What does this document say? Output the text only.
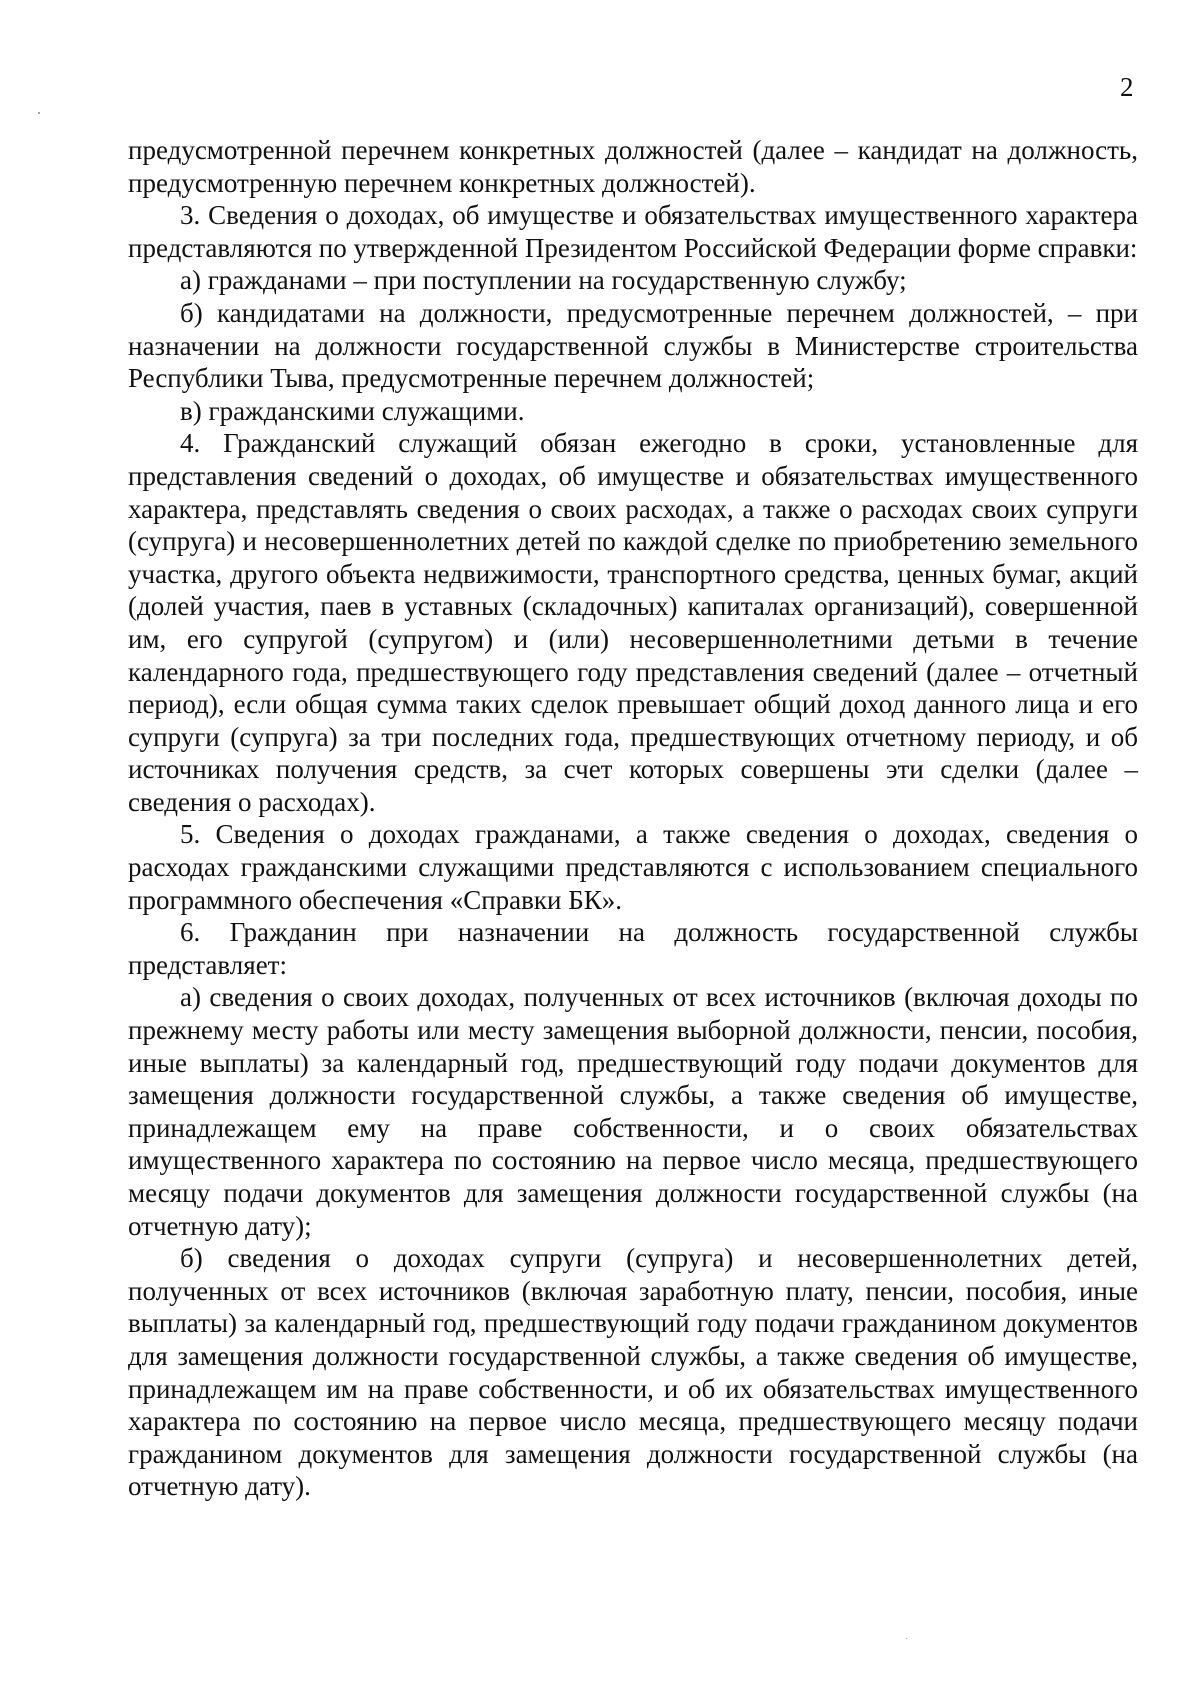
2

предусмотренной перечнем конкретных должностей (далее – кандидат на должность, предусмотренную перечнем конкретных должностей).

3. Сведения о доходах, об имуществе и обязательствах имущественного характера представляются по утвержденной Президентом Российской Федерации форме справки:

а) гражданами – при поступлении на государственную службу;

б) кандидатами на должности, предусмотренные перечнем должностей, – при назначении на должности государственной службы в Министерстве строительства Республики Тыва, предусмотренные перечнем должностей;

в) гражданскими служащими.

4. Гражданский служащий обязан ежегодно в сроки, установленные для представления сведений о доходах, об имуществе и обязательствах имущественного характера, представлять сведения о своих расходах, а также о расходах своих супруги (супруга) и несовершеннолетних детей по каждой сделке по приобретению земельного участка, другого объекта недвижимости, транспортного средства, ценных бумаг, акций (долей участия, паев в уставных (складочных) капиталах организаций), совершенной им, его супругой (супругом) и (или) несовершеннолетними детьми в течение календарного года, предшествующего году представления сведений (далее – отчетный период), если общая сумма таких сделок превышает общий доход данного лица и его супруги (супруга) за три последних года, предшествующих отчетному периоду, и об источниках получения средств, за счет которых совершены эти сделки (далее – сведения о расходах).

5. Сведения о доходах гражданами, а также сведения о доходах, сведения о расходах гражданскими служащими представляются с использованием специального программного обеспечения «Справки БК».

6. Гражданин при назначении на должность государственной службы представляет:

а) сведения о своих доходах, полученных от всех источников (включая доходы по прежнему месту работы или месту замещения выборной должности, пенсии, пособия, иные выплаты) за календарный год, предшествующий году подачи документов для замещения должности государственной службы, а также сведения об имуществе, принадлежащем ему на праве собственности, и о своих обязательствах имущественного характера по состоянию на первое число месяца, предшествующего месяцу подачи документов для замещения должности государственной службы (на отчетную дату);

б) сведения о доходах супруги (супруга) и несовершеннолетних детей, полученных от всех источников (включая заработную плату, пенсии, пособия, иные выплаты) за календарный год, предшествующий году подачи гражданином документов для замещения должности государственной службы, а также сведения об имуществе, принадлежащем им на праве собственности, и об их обязательствах имущественного характера по состоянию на первое число месяца, предшествующего месяцу подачи гражданином документов для замещения должности государственной службы (на отчетную дату).
